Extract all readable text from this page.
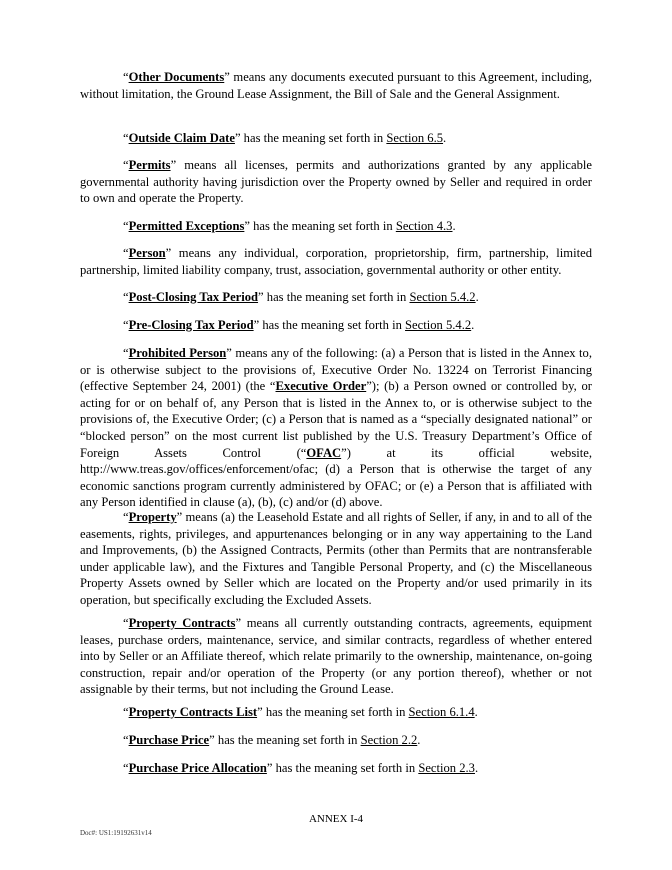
“Other Documents” means any documents executed pursuant to this Agreement, including, without limitation, the Ground Lease Assignment, the Bill of Sale and the General Assignment.

“Outside Claim Date” has the meaning set forth in Section 6.5.

“Permits” means all licenses, permits and authorizations granted by any applicable governmental authority having jurisdiction over the Property owned by Seller and required in order to own and operate the Property.

“Permitted Exceptions” has the meaning set forth in Section 4.3.

“Person” means any individual, corporation, proprietorship, firm, partnership, limited partnership, limited liability company, trust, association, governmental authority or other entity.

“Post-Closing Tax Period” has the meaning set forth in Section 5.4.2.

“Pre-Closing Tax Period” has the meaning set forth in Section 5.4.2.

“Prohibited Person” means any of the following: (a) a Person that is listed in the Annex to, or is otherwise subject to the provisions of, Executive Order No. 13224 on Terrorist Financing (effective September 24, 2001) (the “Executive Order”); (b) a Person owned or controlled by, or acting for or on behalf of, any Person that is listed in the Annex to, or is otherwise subject to the provisions of, the Executive Order; (c) a Person that is named as a “specially designated national” or “blocked person” on the most current list published by the U.S. Treasury Department’s Office of Foreign Assets Control (“OFAC”) at its official website, http://www.treas.gov/offices/enforcement/ofac; (d) a Person that is otherwise the target of any economic sanctions program currently administered by OFAC; or (e) a Person that is affiliated with any Person identified in clause (a), (b), (c) and/or (d) above.

“Property” means (a) the Leasehold Estate and all rights of Seller, if any, in and to all of the easements, rights, privileges, and appurtenances belonging or in any way appertaining to the Land and Improvements, (b) the Assigned Contracts, Permits (other than Permits that are nontransferable under applicable law), and the Fixtures and Tangible Personal Property, and (c) the Miscellaneous Property Assets owned by Seller which are located on the Property and/or used primarily in its operation, but specifically excluding the Excluded Assets.

“Property Contracts” means all currently outstanding contracts, agreements, equipment leases, purchase orders, maintenance, service, and similar contracts, regardless of whether entered into by Seller or an Affiliate thereof, which relate primarily to the ownership, maintenance, on-going construction, repair and/or operation of the Property (or any portion thereof), whether or not assignable by their terms, but not including the Ground Lease.

“Property Contracts List” has the meaning set forth in Section 6.1.4.

“Purchase Price” has the meaning set forth in Section 2.2.

“Purchase Price Allocation” has the meaning set forth in Section 2.3.

ANNEX I-4
Doc#: US1:19192631v14
